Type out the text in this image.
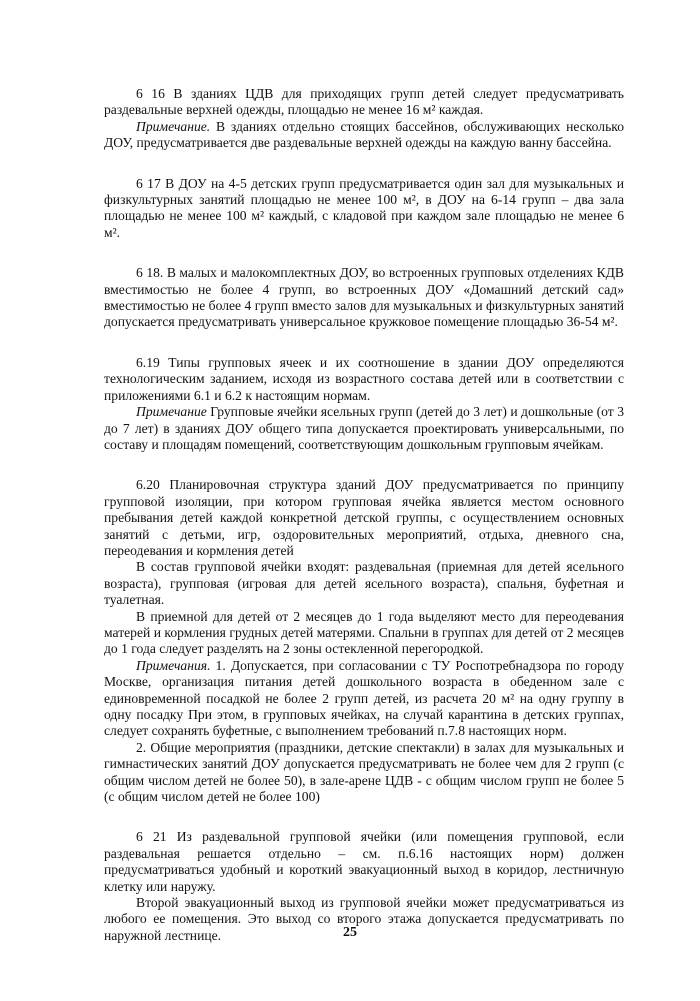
6 16 В зданиях ЦДВ для приходящих групп детей следует предусматривать раздевальные верхней одежды, площадью не менее 16 м² каждая.

Примечание. В зданиях отдельно стоящих бассейнов, обслуживающих несколько ДОУ, предусматривается две раздевальные верхней одежды на каждую ванну бассейна.

6 17 В ДОУ на 4-5 детских групп предусматривается один зал для музыкальных и физкультурных занятий площадью не менее 100 м², в ДОУ на 6-14 групп – два зала площадью не менее 100 м² каждый, с кладовой при каждом зале площадью не менее 6 м².

6 18. В малых и малокомплектных ДОУ, во встроенных групповых отделениях КДВ вместимостью не более 4 групп, во встроенных ДОУ «Домашний детский сад» вместимостью не более 4 групп вместо залов для музыкальных и физкультурных занятий допускается предусматривать универсальное кружковое помещение площадью 36-54 м².

6.19 Типы групповых ячеек и их соотношение в здании ДОУ определяются технологическим заданием, исходя из возрастного состава детей или в соответствии с приложениями 6.1 и 6.2 к настоящим нормам.

Примечание Групповые ячейки ясельных групп (детей до 3 лет) и дошкольные (от 3 до 7 лет) в зданиях ДОУ общего типа допускается проектировать универсальными, по составу и площадям помещений, соответствующим дошкольным групповым ячейкам.

6.20 Планировочная структура зданий ДОУ предусматривается по принципу групповой изоляции, при котором групповая ячейка является местом основного пребывания детей каждой конкретной детской группы, с осуществлением основных занятий с детьми, игр, оздоровительных мероприятий, отдыха, дневного сна, переодевания и кормления детей

В состав групповой ячейки входят: раздевальная (приемная для детей ясельного возраста), групповая (игровая для детей ясельного возраста), спальня, буфетная и туалетная.

В приемной для детей от 2 месяцев до 1 года выделяют место для переодевания матерей и кормления грудных детей матерями. Спальни в группах для детей от 2 месяцев до 1 года следует разделять на 2 зоны остекленной перегородкой.

Примечания. 1. Допускается, при согласовании с ТУ Роспотребнадзора по городу Москве, организация питания детей дошкольного возраста в обеденном зале с единовременной посадкой не более 2 групп детей, из расчета 20 м² на одну группу в одну посадку При этом, в групповых ячейках, на случай карантина в детских группах, следует сохранять буфетные, с выполнением требований п.7.8 настоящих норм.

2. Общие мероприятия (праздники, детские спектакли) в залах для музыкальных и гимнастических занятий ДОУ допускается предусматривать не более чем для 2 групп (с общим числом детей не более 50), в зале-арене ЦДВ - с общим числом групп не более 5 (с общим числом детей не более 100)

6 21 Из раздевальной групповой ячейки (или помещения групповой, если раздевальная решается отдельно – см. п.6.16 настоящих норм) должен предусматриваться удобный и короткий эвакуационный выход в коридор, лестничную клетку или наружу.

Второй эвакуационный выход из групповой ячейки может предусматриваться из любого ее помещения. Это выход со второго этажа допускается предусматривать по наружной лестнице.	25
